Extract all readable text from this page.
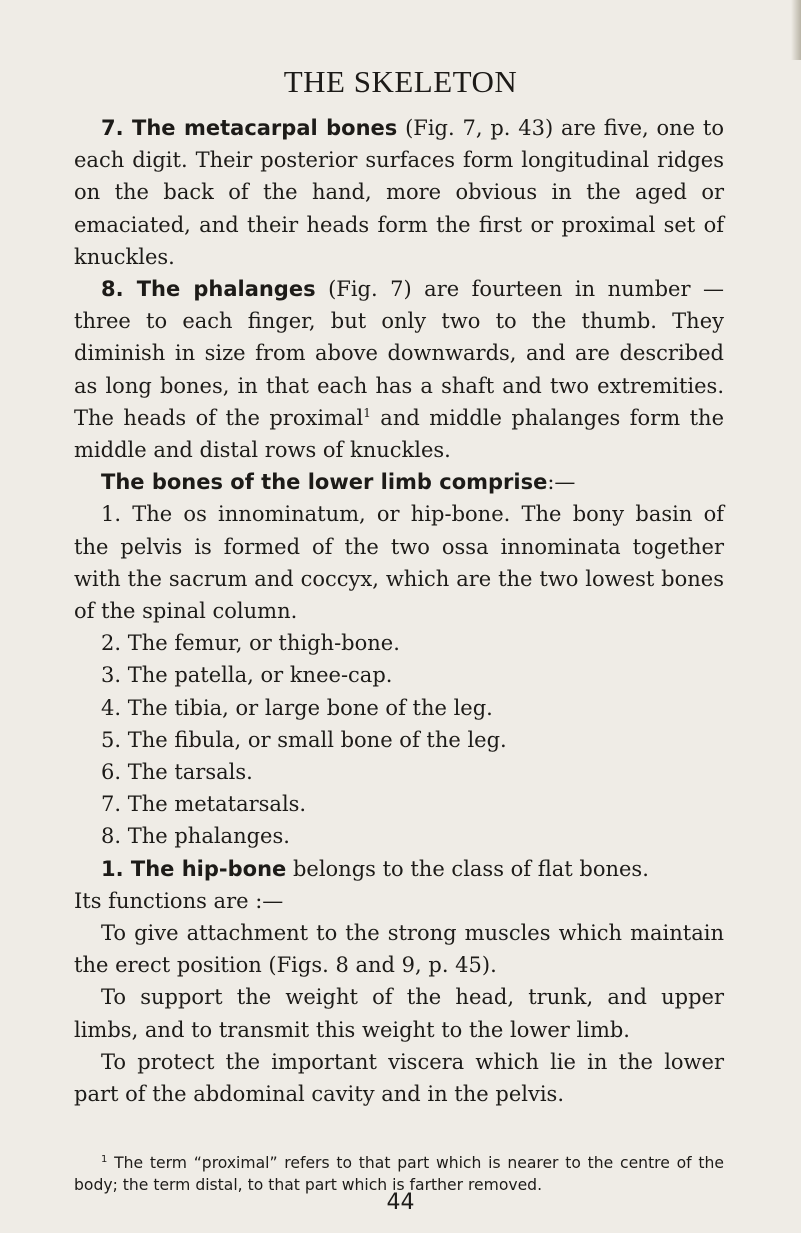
THE SKELETON

7. The metacarpal bones (Fig. 7, p. 43) are five, one to each digit. Their posterior surfaces form longitudinal ridges on the back of the hand, more obvious in the aged or emaciated, and their heads form the first or proximal set of knuckles.

8. The phalanges (Fig. 7) are fourteen in number —three to each finger, but only two to the thumb. They diminish in size from above downwards, and are described as long bones, in that each has a shaft and two extremities. The heads of the proximal$^1$ and middle phalanges form the middle and distal rows of knuckles.

The bones of the lower limb comprise:—

1. The os innominatum, or hip-bone. The bony basin of the pelvis is formed of the two ossa innominata together with the sacrum and coccyx, which are the two lowest bones of the spinal column.

2. The femur, or thigh-bone.

3. The patella, or knee-cap.

4. The tibia, or large bone of the leg.

5. The fibula, or small bone of the leg.

6. The tarsals.

7. The metatarsals.

8. The phalanges.

1. The hip-bone belongs to the class of flat bones.

Its functions are :—

To give attachment to the strong muscles which maintain the erect position (Figs. 8 and 9, p. 45).

To support the weight of the head, trunk, and upper limbs, and to transmit this weight to the lower limb.

To protect the important viscera which lie in the lower part of the abdominal cavity and in the pelvis.

$^1$ The term “proximal” refers to that part which is nearer to the centre of the body; the term distal, to that part which is farther removed.

44
